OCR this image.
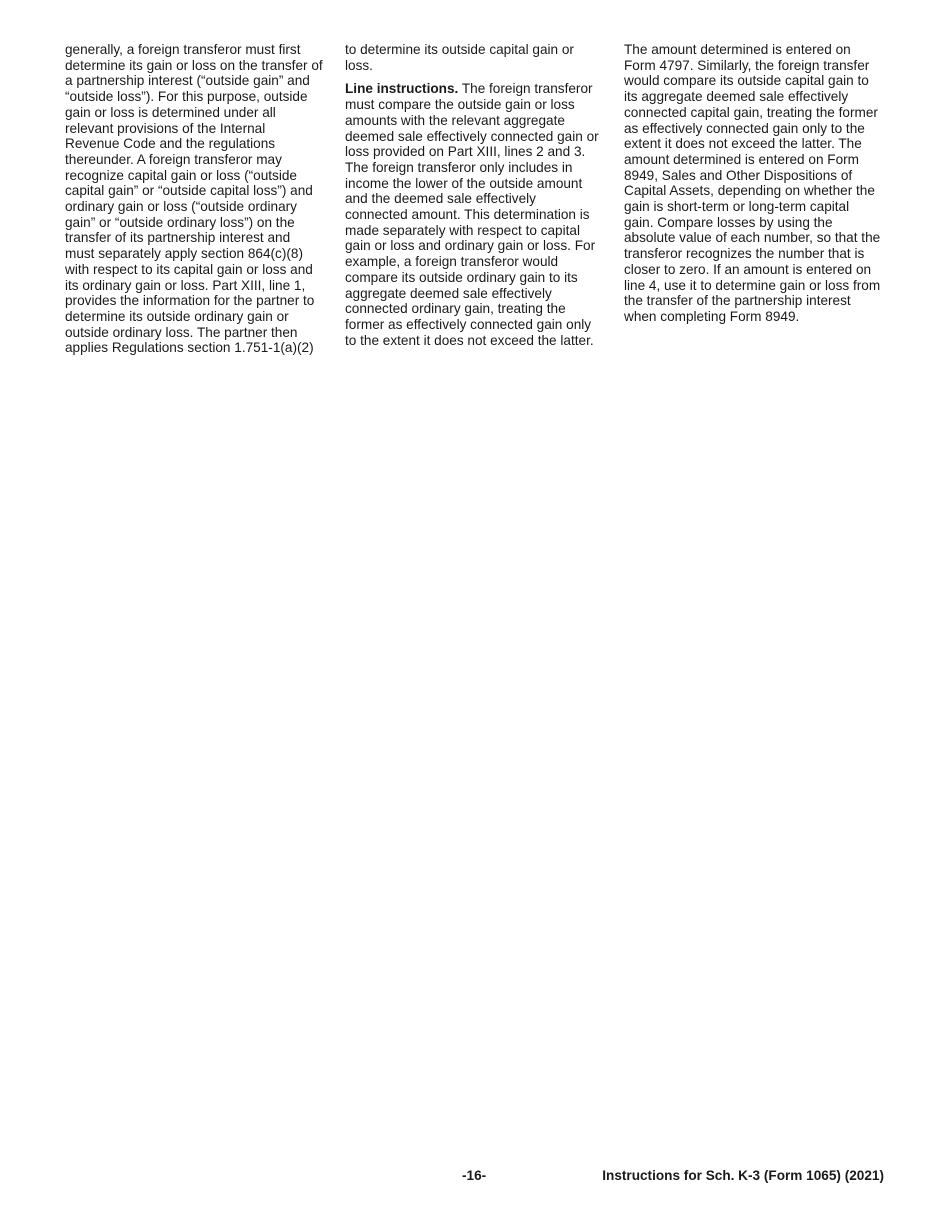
generally, a foreign transferor must first
determine its gain or loss on the transfer of
a partnership interest (“outside gain” and
“outside loss”). For this purpose, outside
gain or loss is determined under all
relevant provisions of the Internal
Revenue Code and the regulations
thereunder. A foreign transferor may
recognize capital gain or loss (“outside
capital gain” or “outside capital loss”) and
ordinary gain or loss (“outside ordinary
gain” or “outside ordinary loss”) on the
transfer of its partnership interest and
must separately apply section 864(c)(8)
with respect to its capital gain or loss and
its ordinary gain or loss. Part XIII, line 1,
provides the information for the partner to
determine its outside ordinary gain or
outside ordinary loss. The partner then
applies Regulations section 1.751-1(a)(2)

to determine its outside capital gain or
loss.

Line instructions. The foreign transferor
must compare the outside gain or loss
amounts with the relevant aggregate
deemed sale effectively connected gain or
loss provided on Part XIII, lines 2 and 3.
The foreign transferor only includes in
income the lower of the outside amount
and the deemed sale effectively
connected amount. This determination is
made separately with respect to capital
gain or loss and ordinary gain or loss. For
example, a foreign transferor would
compare its outside ordinary gain to its
aggregate deemed sale effectively
connected ordinary gain, treating the
former as effectively connected gain only
to the extent it does not exceed the latter.

The amount determined is entered on
Form 4797. Similarly, the foreign transfer
would compare its outside capital gain to
its aggregate deemed sale effectively
connected capital gain, treating the former
as effectively connected gain only to the
extent it does not exceed the latter. The
amount determined is entered on Form
8949, Sales and Other Dispositions of
Capital Assets, depending on whether the
gain is short-term or long-term capital
gain. Compare losses by using the
absolute value of each number, so that the
transferor recognizes the number that is
closer to zero. If an amount is entered on
line 4, use it to determine gain or loss from
the transfer of the partnership interest
when completing Form 8949.

-16-	Instructions for Sch. K-3 (Form 1065) (2021)
